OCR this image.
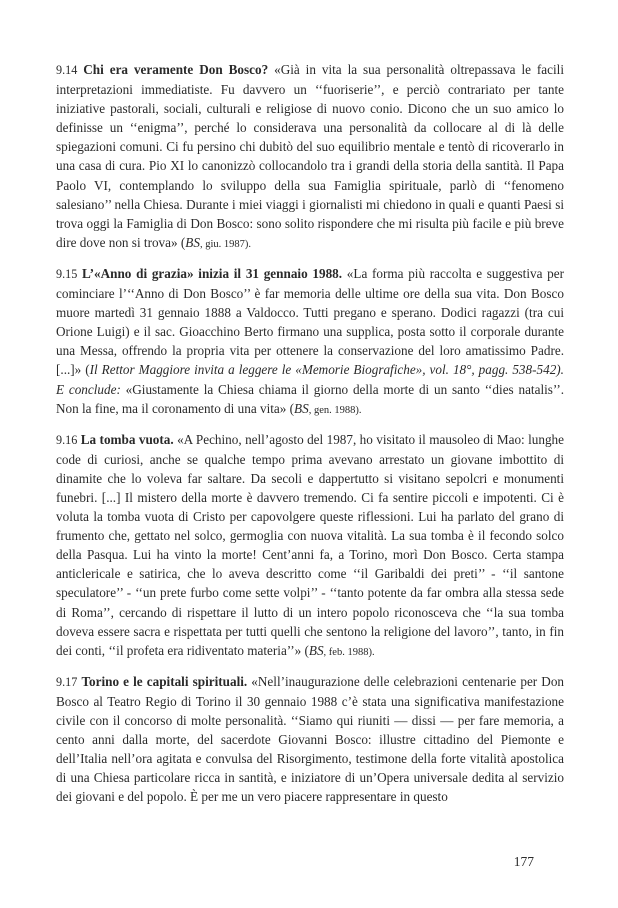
9.14 Chi era veramente Don Bosco? «Già in vita la sua personalità oltrepassava le facili interpretazioni immediatiste. Fu davvero un ‘‘fuoriserie’’, e perciò contrariato per tante iniziative pastorali, sociali, culturali e religiose di nuovo conio. Dicono che un suo amico lo definisse un ‘‘enigma’’, perché lo considerava una personalità da collocare al di là delle spiegazioni comuni. Ci fu persino chi dubitò del suo equilibrio mentale e tentò di ricoverarlo in una casa di cura. Pio XI lo canonizzò collocandolo tra i grandi della storia della santità. Il Papa Paolo VI, contemplando lo sviluppo della sua Famiglia spirituale, parlò di ‘‘fenomeno salesiano’’ nella Chiesa. Durante i miei viaggi i giornalisti mi chiedono in quali e quanti Paesi si trova oggi la Famiglia di Don Bosco: sono solito rispondere che mi risulta più facile e più breve dire dove non si trova» (BS, giu. 1987).

9.15 L’«Anno di grazia» inizia il 31 gennaio 1988. «La forma più raccolta e suggestiva per cominciare l’‘‘Anno di Don Bosco’’ è far memoria delle ultime ore della sua vita. Don Bosco muore martedì 31 gennaio 1888 a Valdocco. Tutti pregano e sperano. Dodici ragazzi (tra cui Orione Luigi) e il sac. Gioacchino Berto firmano una supplica, posta sotto il corporale durante una Messa, offrendo la propria vita per ottenere la conservazione del loro amatissimo Padre. [...]» (Il Rettor Maggiore invita a leggere le «Memorie Biografiche», vol. 18°, pagg. 538-542). E conclude: «Giustamente la Chiesa chiama il giorno della morte di un santo ‘‘dies natalis’’. Non la fine, ma il coronamento di una vita» (BS, gen. 1988).

9.16 La tomba vuota. «A Pechino, nell’agosto del 1987, ho visitato il mausoleo di Mao: lunghe code di curiosi, anche se qualche tempo prima avevano arrestato un giovane imbottito di dinamite che lo voleva far saltare. Da secoli e dappertutto si visitano sepolcri e monumenti funebri. [...] Il mistero della morte è davvero tremendo. Ci fa sentire piccoli e impotenti. Ci è voluta la tomba vuota di Cristo per capovolgere queste riflessioni. Lui ha parlato del grano di frumento che, gettato nel solco, germoglia con nuova vitalità. La sua tomba è il fecondo solco della Pasqua. Lui ha vinto la morte! Cent’anni fa, a Torino, morì Don Bosco. Certa stampa anticlericale e satirica, che lo aveva descritto come ‘‘il Garibaldi dei preti’’ - ‘‘il santone speculatore’’ - ‘‘un prete furbo come sette volpi’’ - ‘‘tanto potente da far ombra alla stessa sede di Roma’’, cercando di rispettare il lutto di un intero popolo riconosceva che ‘‘la sua tomba doveva essere sacra e rispettata per tutti quelli che sentono la religione del lavoro’’, tanto, in fin dei conti, ‘‘il profeta era ridiventato materia’’» (BS, feb. 1988).

9.17 Torino e le capitali spirituali. «Nell’inaugurazione delle celebrazioni centenarie per Don Bosco al Teatro Regio di Torino il 30 gennaio 1988 c’è stata una significativa manifestazione civile con il concorso di molte personalità. ‘‘Siamo qui riuniti — dissi — per fare memoria, a cento anni dalla morte, del sacerdote Giovanni Bosco: illustre cittadino del Piemonte e dell’Italia nell’ora agitata e convulsa del Risorgimento, testimone della forte vitalità apostolica di una Chiesa particolare ricca in santità, e iniziatore di un’Opera universale dedita al servizio dei giovani e del popolo. È per me un vero piacere rappresentare in questo

177
